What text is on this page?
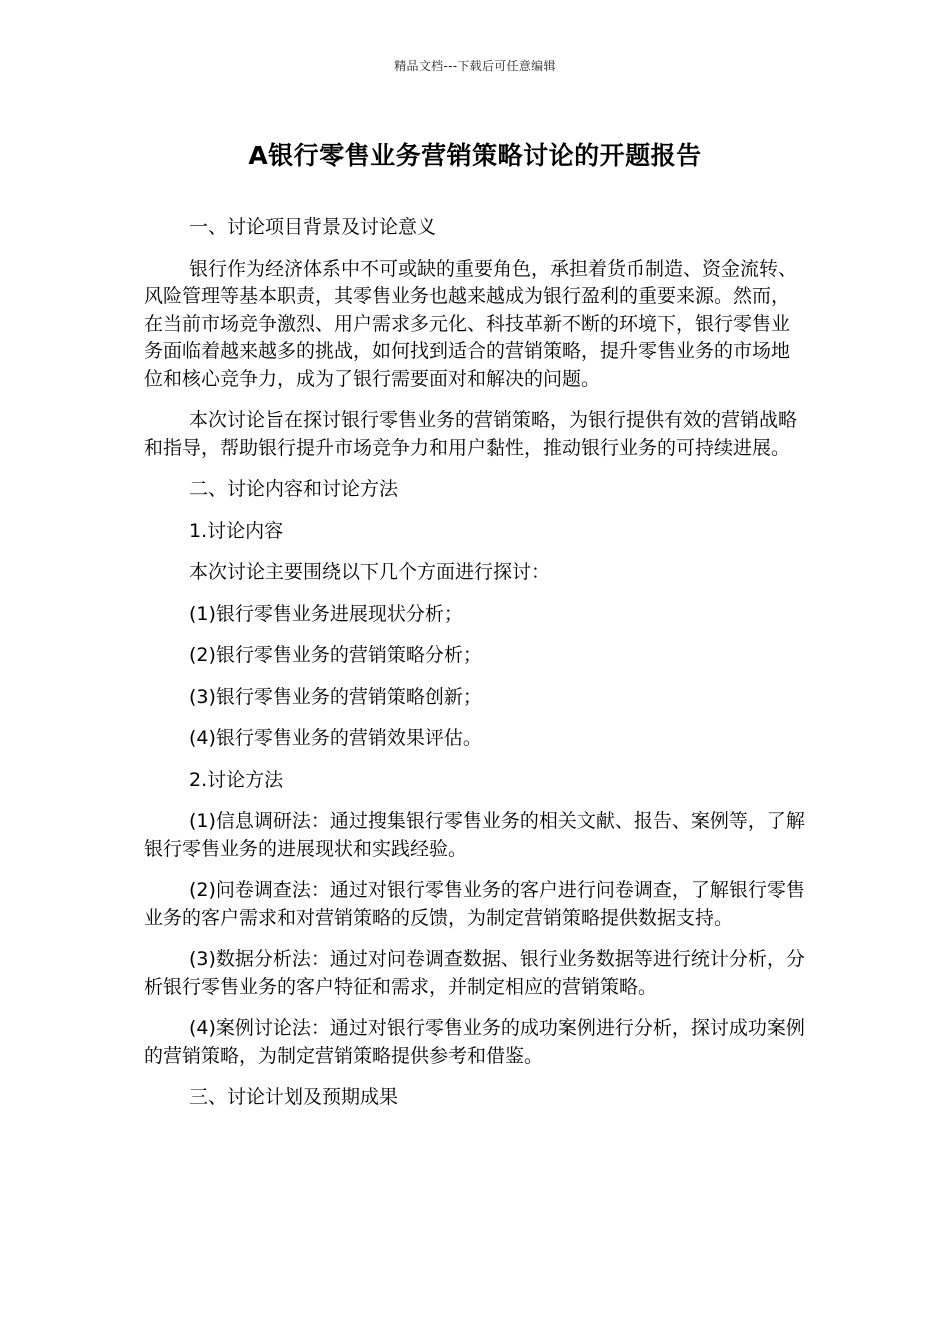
精品文档---下载后可任意编辑
A银行零售业务营销策略讨论的开题报告

一、讨论项目背景及讨论意义

银行作为经济体系中不可或缺的重要角色，承担着货币制造、资金流转、风险管理等基本职责，其零售业务也越来越成为银行盈利的重要来源。然而，在当前市场竞争激烈、用户需求多元化、科技革新不断的环境下，银行零售业务面临着越来越多的挑战，如何找到适合的营销策略，提升零售业务的市场地位和核心竞争力，成为了银行需要面对和解决的问题。

本次讨论旨在探讨银行零售业务的营销策略，为银行提供有效的营销战略和指导，帮助银行提升市场竞争力和用户黏性，推动银行业务的可持续进展。

二、讨论内容和讨论方法

1.讨论内容

本次讨论主要围绕以下几个方面进行探讨：

(1)银行零售业务进展现状分析；

(2)银行零售业务的营销策略分析；

(3)银行零售业务的营销策略创新；

(4)银行零售业务的营销效果评估。

2.讨论方法

(1)信息调研法：通过搜集银行零售业务的相关文献、报告、案例等，了解银行零售业务的进展现状和实践经验。

(2)问卷调查法：通过对银行零售业务的客户进行问卷调查，了解银行零售业务的客户需求和对营销策略的反馈，为制定营销策略提供数据支持。

(3)数据分析法：通过对问卷调查数据、银行业务数据等进行统计分析，分析银行零售业务的客户特征和需求，并制定相应的营销策略。

(4)案例讨论法：通过对银行零售业务的成功案例进行分析，探讨成功案例的营销策略，为制定营销策略提供参考和借鉴。

三、讨论计划及预期成果
